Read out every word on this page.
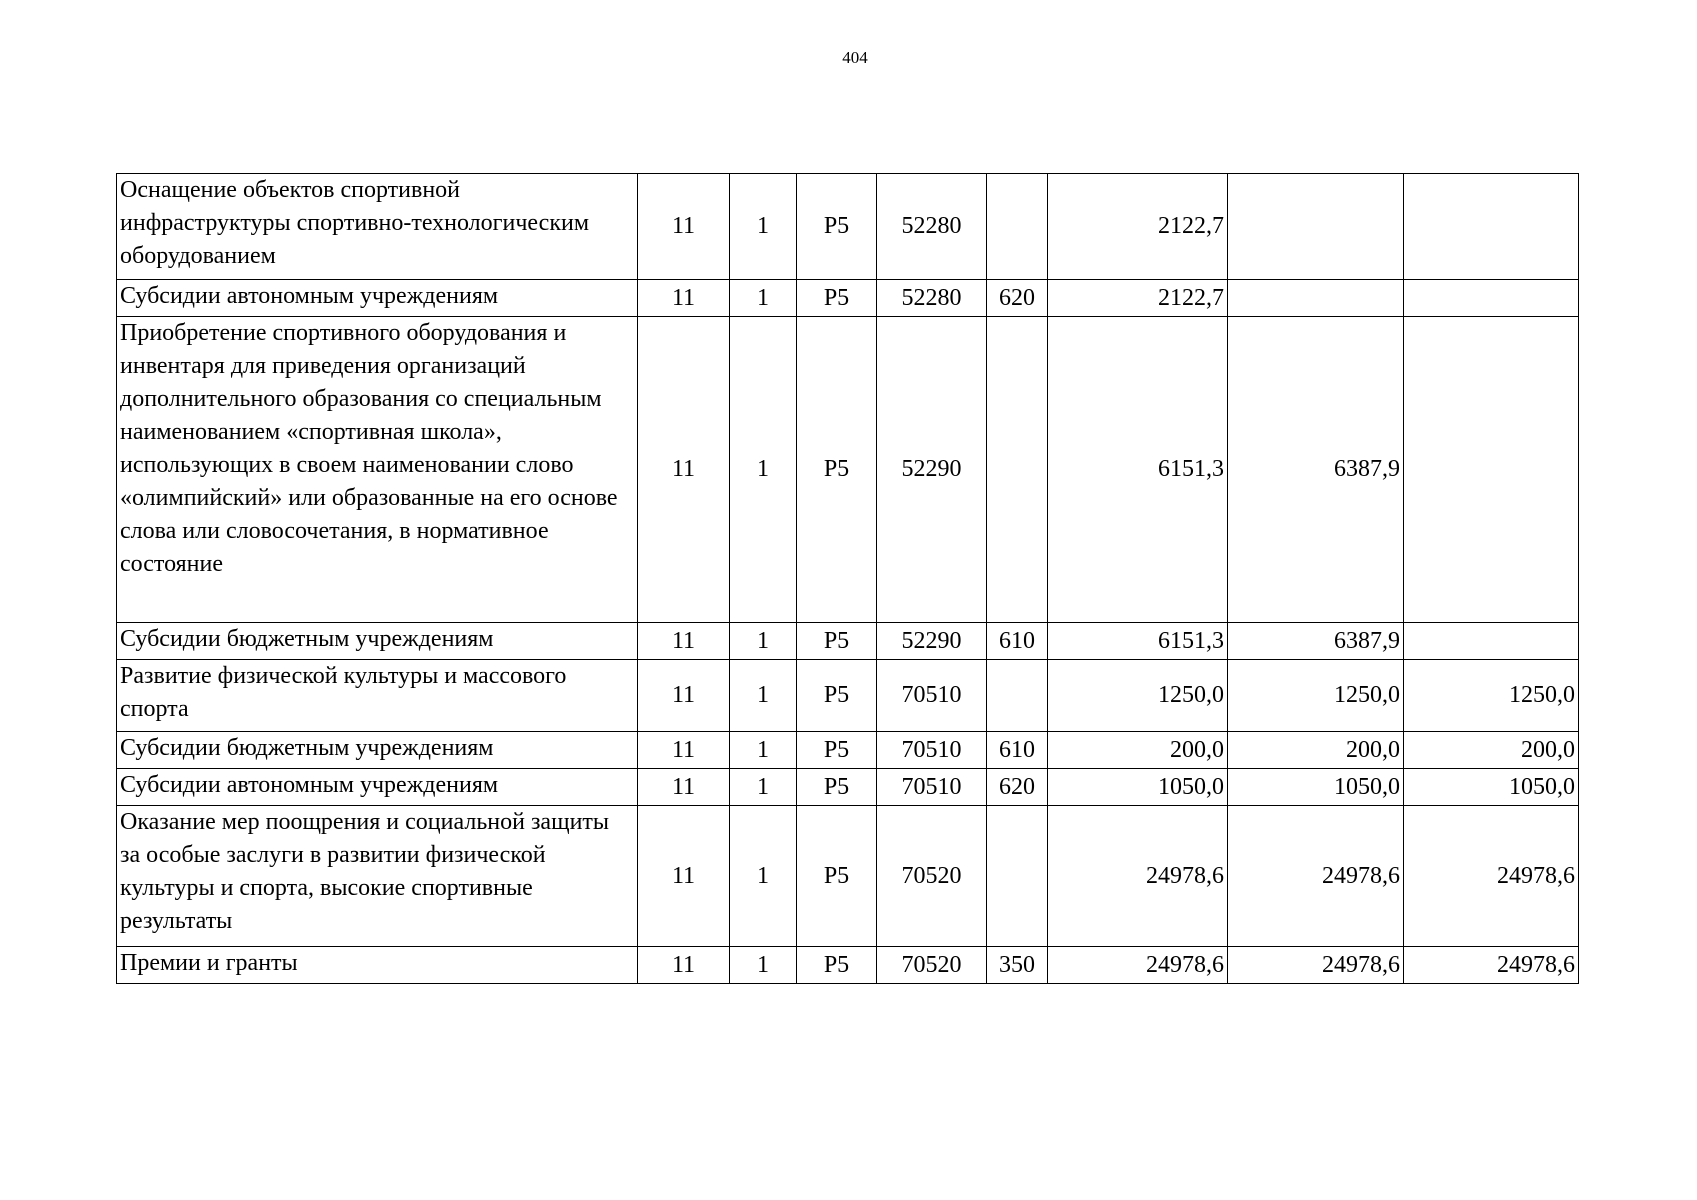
404
Оснащение объектов спортивной инфраструктуры спортивно-технологическим оборудованием	11	1	P5	52280		2122,7		
Субсидии автономным учреждениям	11	1	P5	52280	620	2122,7		
Приобретение спортивного оборудования и инвентаря для приведения организаций дополнительного образования со специальным наименованием «спортивная школа», использующих в своем наименовании слово «олимпийский» или образованные на его основе слова или словосочетания, в нормативное состояние	11	1	P5	52290		6151,3	6387,9	
Субсидии бюджетным учреждениям	11	1	P5	52290	610	6151,3	6387,9	
Развитие физической культуры и массового спорта	11	1	P5	70510		1250,0	1250,0	1250,0
Субсидии бюджетным учреждениям	11	1	P5	70510	610	200,0	200,0	200,0
Субсидии автономным учреждениям	11	1	P5	70510	620	1050,0	1050,0	1050,0
Оказание мер поощрения и социальной защиты за особые заслуги в развитии физической культуры и спорта, высокие спортивные результаты	11	1	P5	70520		24978,6	24978,6	24978,6
Премии и гранты	11	1	P5	70520	350	24978,6	24978,6	24978,6
